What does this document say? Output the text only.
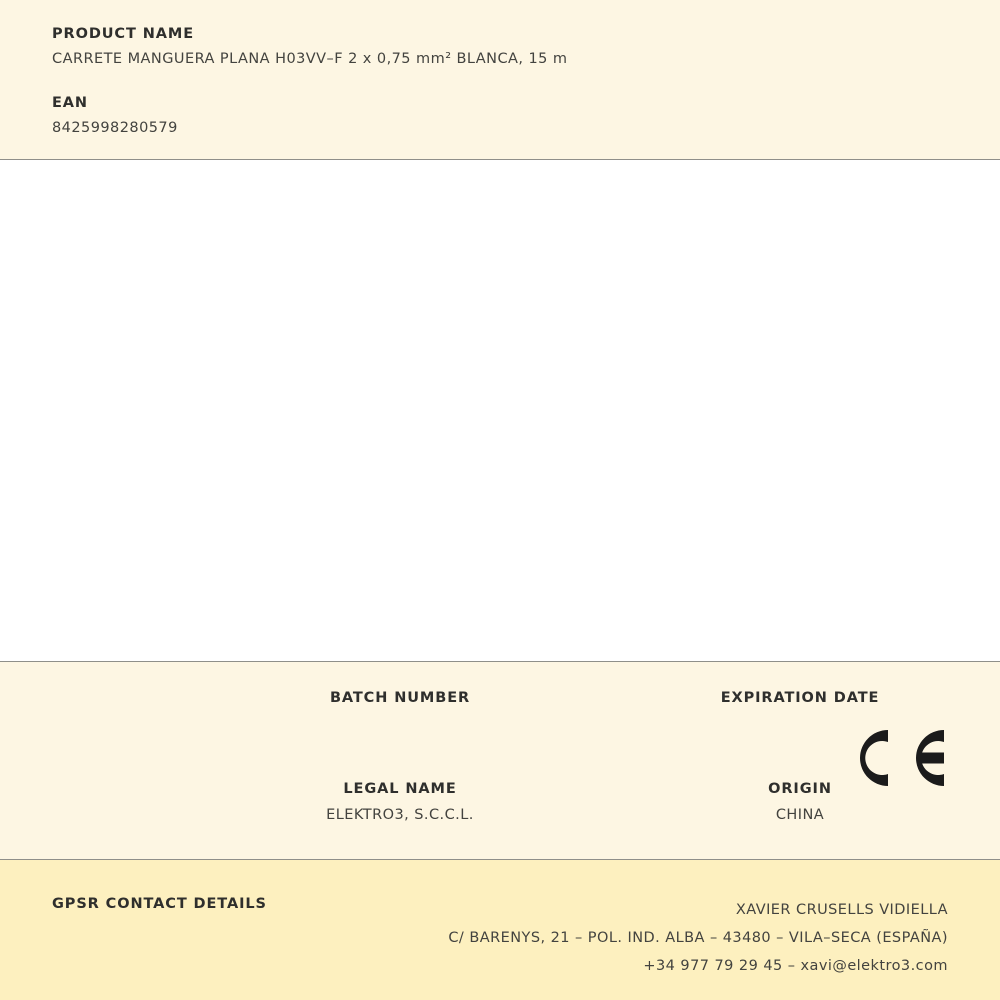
PRODUCT NAME
CARRETE MANGUERA PLANA H03VV–F 2 x 0,75 mm² BLANCA, 15 m
EAN
8425998280579
BATCH NUMBER	EXPIRATION DATE
LEGAL NAME
ELEKTRO3, S.C.C.L.
ORIGIN
CHINA
GPSR CONTACT DETAILS	XAVIER CRUSELLS VIDIELLA
C/ BARENYS, 21 – POL. IND. ALBA – 43480 – VILA–SECA (ESPAÑA)
+34 977 79 29 45 – xavi@elektro3.com
